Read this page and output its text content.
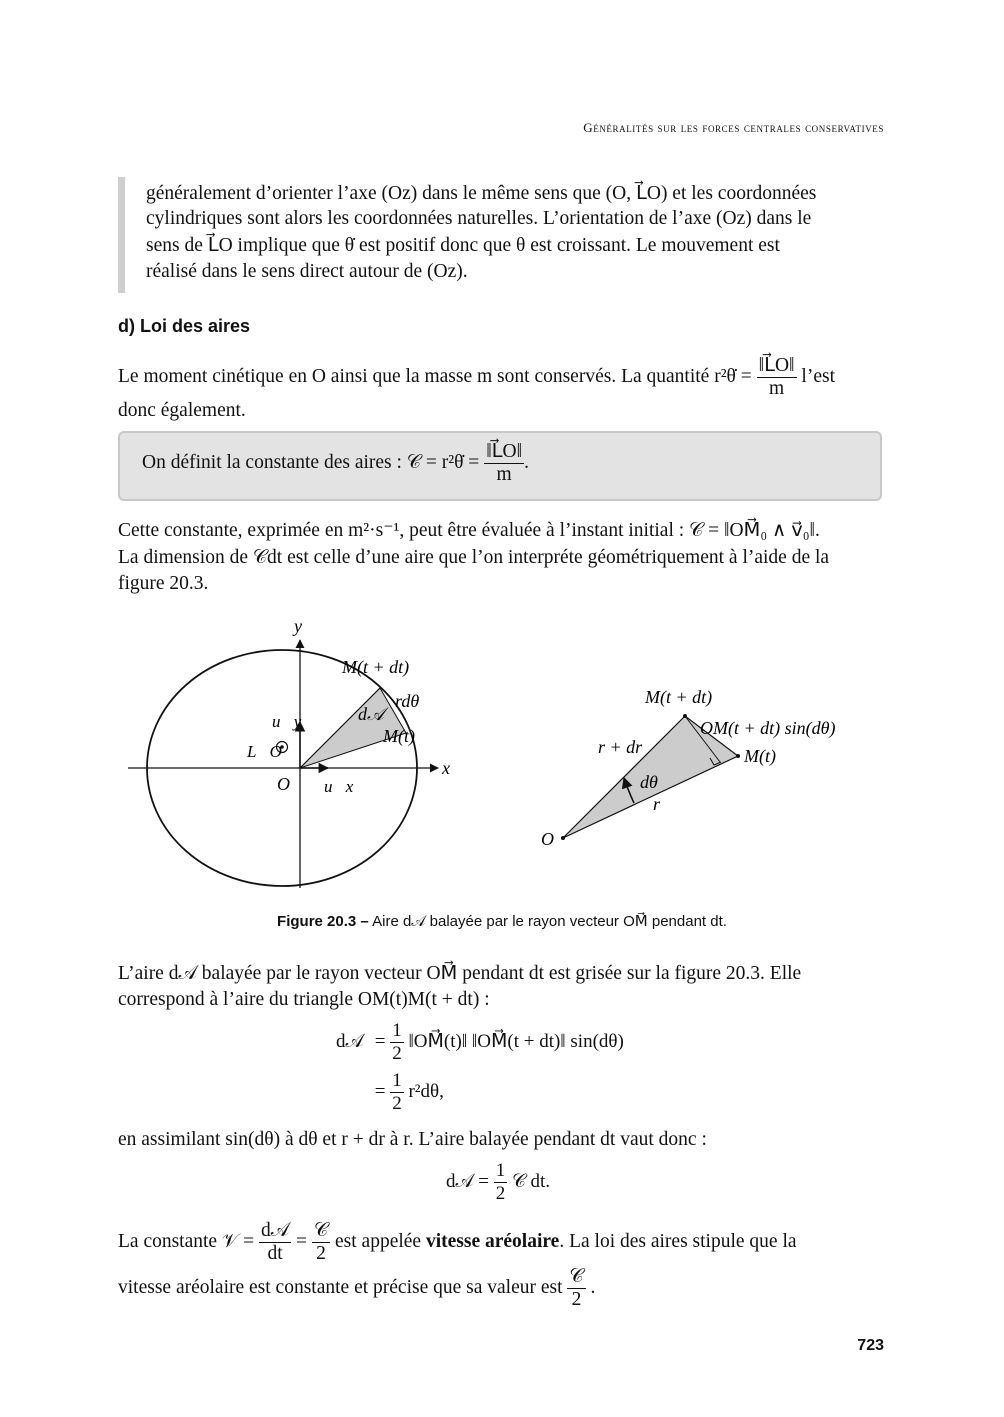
Généralités sur les forces centrales conservatives
généralement d’orienter l’axe (Oz) dans le même sens que (O, L⃗O) et les coordonnées
cylindriques sont alors les coordonnées naturelles. L’orientation de l’axe (Oz) dans le
sens de L⃗O implique que θ̇ est positif donc que θ est croissant. Le mouvement est
réalisé dans le sens direct autour de (Oz).
d) Loi des aires
Le moment cinétique en O ainsi que la masse m sont conservés. La quantité r²θ̇ = $\frac{‖L⃗O‖}{m}$ l’est
donc également.
On définit la constante des aires : 𝒞 = r²θ̇ = $\frac{‖L⃗O‖}{m}$ .
Cette constante, exprimée en m²·s⁻¹, peut être évaluée à l’instant initial : 𝒞 = ‖OM⃗₀ ∧ v⃗₀‖.
La dimension de 𝒞dt est celle d’une aire que l’on interpréte géométriquement à l’aide de la
figure 20.3.
y
x
O
u⃗y
u⃗x
L⃗O
M(t + dt)
rdθ
d𝒜
M(t)
M(t + dt)
OM(t + dt) sin(dθ)
M(t)
r + dr
dθ
r
O
Figure 20.3 – Aire d𝒜 balayée par le rayon vecteur OM⃗ pendant dt.
L’aire d𝒜 balayée par le rayon vecteur OM⃗ pendant dt est grisée sur la figure 20.3. Elle
correspond à l’aire du triangle OM(t)M(t + dt) :
d𝒜 = $\frac{1}{2}$ ‖OM⃗(t)‖ ‖OM⃗(t + dt)‖ sin(dθ)
= $\frac{1}{2} r^2d\theta$,
en assimilant sin(dθ) à dθ et r + dr à r. L’aire balayée pendant dt vaut donc :
d𝒜 = $\frac{1}{2}$ 𝒞 dt.
La constante 𝒱 = $\frac{\text{d𝒜}}{dt} = \frac{\text{𝒞}}{2}$ est appelée vitesse aréolaire. La loi des aires stipule que la
vitesse aréolaire est constante et précise que sa valeur est $\frac{\text{𝒞}}{2}$ .
723
